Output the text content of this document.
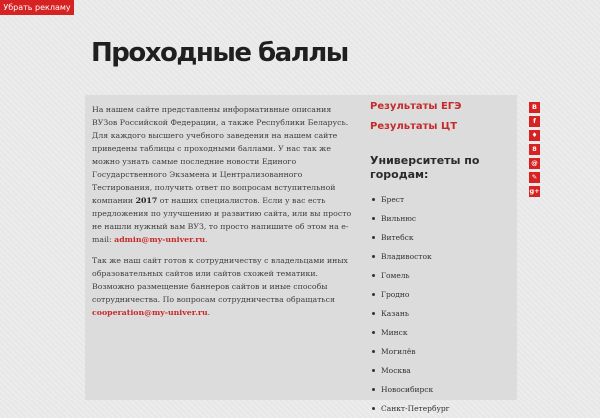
Убрать рекламу
Проходные баллы

На нашем сайте представлены информативные описания ВУЗов Российской Федерации, а также Республики Беларусь. Для каждого высшего учебного заведения на нашем сайте приведены таблицы с проходными баллами. У нас так же можно узнать самые последние новости Единого Государственного Экзамена и Централизованного Тестирования, получить ответ по вопросам вступительной компании 2017 от наших специалистов. Если у вас есть предложения по улучшению и развитию сайта, или вы просто не нашли нужный вам ВУЗ, то просто напишите об этом на e-mail: admin@my-univer.ru.

Так же наш сайт готов к сотрудничеству с владельцами иных образовательных сайтов или сайтов схожей тематики. Возможно размещение баннеров сайтов и иные способы сотрудничества. По вопросам сотрудничества обращаться cooperation@my-univer.ru.

Результаты ЕГЭ
Результаты ЦТ
Университеты по городам:
Брест
Вильнюс
Витебск
Владивосток
Гомель
Гродно
Казань
Минск
Могилёв
Москва
Новосибирск
Санкт-Петербург
В
f
♦
8
@
✎
g+
